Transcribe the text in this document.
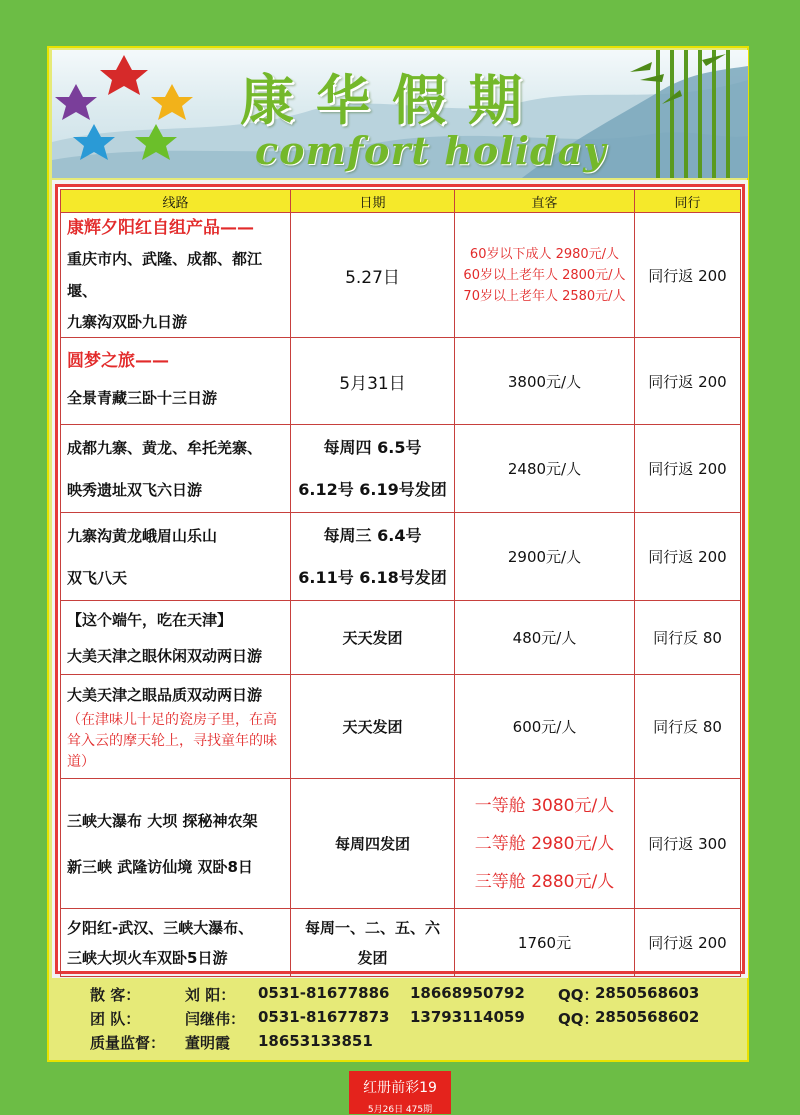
康华假期
comfort holiday
线路	日期	直客	同行

康辉夕阳红自组产品——
重庆市内、武隆、成都、都江堰、
九寨沟双卧九日游	5.27日	60岁以下成人 2980元/人
60岁以上老年人 2800元/人
70岁以上老年人 2580元/人	同行返 200

圆梦之旅——
全景青藏三卧十三日游	5月31日	3800元/人	同行返 200

成都九寨、黄龙、牟托羌寨、
映秀遗址双飞六日游	每周四 6.5号
6.12号 6.19号发团	2480元/人	同行返 200

九寨沟黄龙峨眉山乐山
双飞八天	每周三 6.4号
6.11号 6.18号发团	2900元/人	同行返 200

【这个端午，吃在天津】
大美天津之眼休闲双动两日游	天天发团	480元/人	同行反 80

大美天津之眼品质双动两日游
（在津味儿十足的瓷房子里，在高耸入云的摩天轮上，寻找童年的味道）	天天发团	600元/人	同行反 80

三峡大瀑布 大坝 探秘神农架
新三峡 武隆访仙境 双卧8日	每周四发团	一等舱 3080元/人
二等舱 2980元/人
三等舱 2880元/人	同行返 300

夕阳红-武汉、三峡大瀑布、
三峡大坝火车双卧5日游	每周一、二、五、六
发团	1760元	同行返 200
散 客：	刘 阳： 0531-81677886 18668950792 QQ：
2850568603
团 队：	闫继伟： 0531-81677873 13793114059 QQ：
2850568602
质量监督： 董明霞 18653133851
红册前彩19
5月26日 475期
